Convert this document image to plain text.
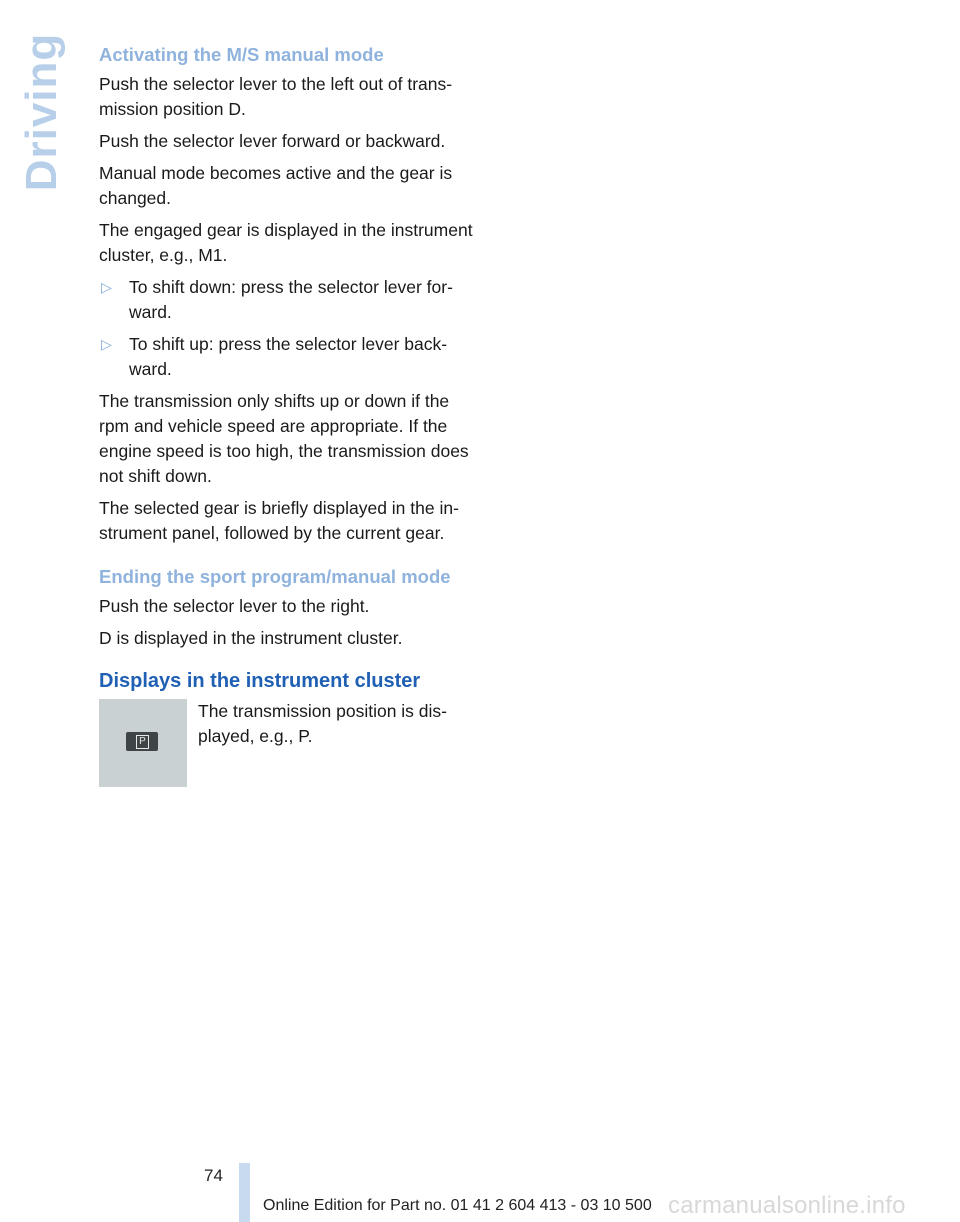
Driving Activating the M/S manual mode

Push the selector lever to the left out of transmission position D.

Push the selector lever forward or backward.

Manual mode becomes active and the gear is changed.

The engaged gear is displayed in the instrument cluster, e.g., M1.

▷ To shift down: press the selector lever forward.
▷ To shift up: press the selector lever backward.

The transmission only shifts up or down if the rpm and vehicle speed are appropriate. If the engine speed is too high, the transmission does not shift down.

The selected gear is briefly displayed in the instrument panel, followed by the current gear.

Ending the sport program/manual mode

Push the selector lever to the right.

D is displayed in the instrument cluster.

Displays in the instrument cluster
P
The transmission position is displayed, e.g., P.
74
Online Edition for Part no. 01 41 2 604 413 - 03 10 500 carmanualsonline.info
